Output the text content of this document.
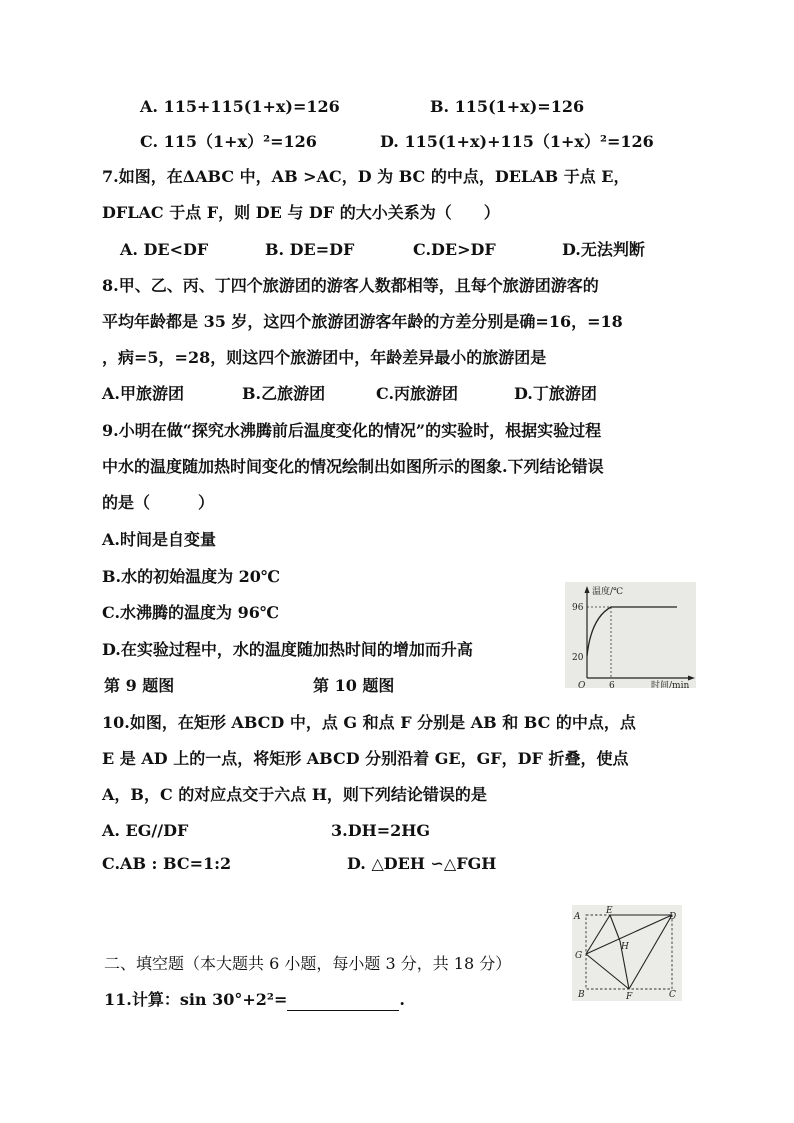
A. 115+115(1+x)=126	B. 115(1+x)=126
C. 115（1+x）²=126	D. 115(1+x)+115（1+x）²=126
7.如图，在ΔABC 中，AB >AC，D 为 BC 的中点，DELAB 于点 E，
DFLAC 于点 F，则 DE 与 DF 的大小关系为（　　）
A. DE<DF	B. DE=DF	C.DE>DF	D.无法判断
8.甲、乙、丙、丁四个旅游团的游客人数都相等，且每个旅游团游客的
平均年龄都是 35 岁，这四个旅游团游客年龄的方差分别是确=16，=18
，病=5，=28，则这四个旅游团中，年龄差异最小的旅游团是
A.甲旅游团	B.乙旅游团	C.丙旅游团	D.丁旅游团
9.小明在做“探究水沸腾前后温度变化的情况”的实验时，根据实验过程
中水的温度随加热时间变化的情况绘制出如图所示的图象.下列结论错误
的是（　　　）
A.时间是自变量
B.水的初始温度为 20℃
C.水沸腾的温度为 96℃
D.在实验过程中，水的温度随加热时间的增加而升高
第 9 题图	第 10 题图
温度/℃
时间/min
96
20
6
O
10.如图，在矩形 ABCD 中，点 G 和点 F 分别是 AB 和 BC 的中点，点
E 是 AD 上的一点，将矩形 ABCD 分别沿着 GE，GF，DF 折叠，使点
A，B，C 的对应点交于六点 H，则下列结论错误的是
A. EG//DF	3.DH=2HG
C.AB : BC=1:2	D. △DEH ∽△FGH
A
E
D
G
H
B	F	C
二、填空题（本大题共 6 小题，每小题 3 分，共 18 分）
11.计算：sin 30°+2²=	.
